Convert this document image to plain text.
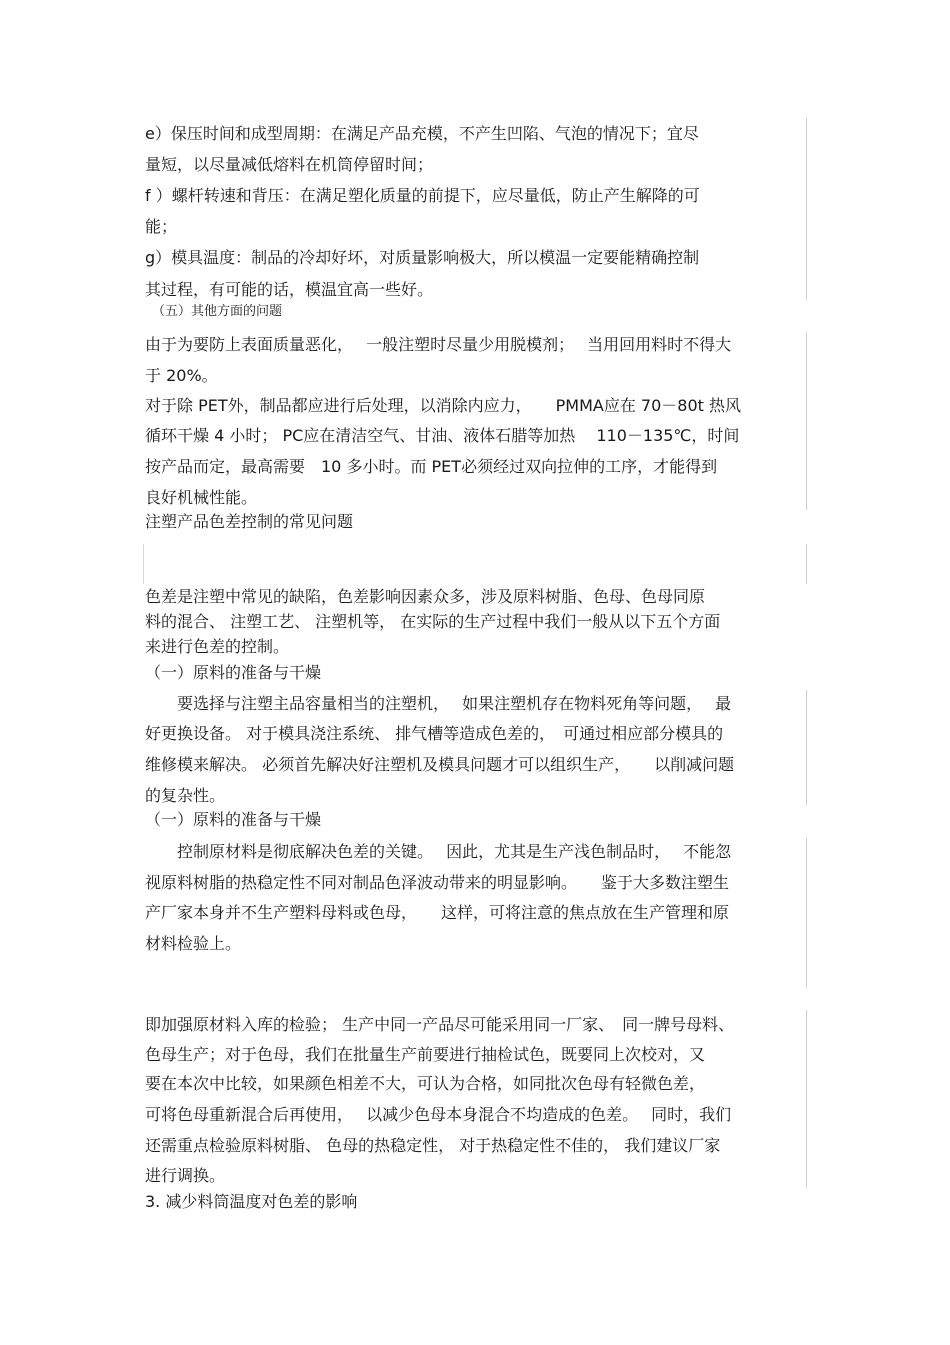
e）保压时间和成型周期：在满足产品充模，不产生凹陷、气泡的情况下；宜尽
量短，以尽量减低熔料在机筒停留时间；
f ）螺杆转速和背压：在满足塑化质量的前提下，应尽量低，防止产生解降的可
能；
g）模具温度：制品的冷却好坏，对质量影响极大，所以模温一定要能精确控制
其过程，有可能的话，模温宜高一些好。
（五）其他方面的问题
由于为要防上表面质量恶化，　 一般注塑时尽量少用脱模剂；　 当用回用料时不得大
于 20%。
对于除 PET外，制品都应进行后处理，以消除内应力，　　PMMA应在 70－80t 热风
循环干燥 4 小时； PC应在清洁空气、甘油、液体石腊等加热　 110－135℃，时间
按产品而定，最高需要　10 多小时。而 PET必须经过双向拉伸的工序，才能得到
良好机械性能。
注塑产品色差控制的常见问题
色差是注塑中常见的缺陷，色差影响因素众多，涉及原料树脂、色母、色母同原
料的混合、 注塑工艺、 注塑机等， 在实际的生产过程中我们一般从以下五个方面
来进行色差的控制。
（一）原料的准备与干燥
　　要选择与注塑主品容量相当的注塑机，　 如果注塑机存在物料死角等问题，　 最
好更换设备。 对于模具浇注系统、 排气槽等造成色差的，　可通过相应部分模具的
维修模来解决。 必须首先解决好注塑机及模具问题才可以组织生产，　　以削减问题
的复杂性。
（一）原料的准备与干燥
　　控制原材料是彻底解决色差的关键。　 因此，尤其是生产浅色制品时，　 不能忽
视原料树脂的热稳定性不同对制品色泽波动带来的明显影响。　　鉴于大多数注塑生
产厂家本身并不生产塑料母料或色母，　　这样，可将注意的焦点放在生产管理和原
材料检验上。
即加强原材料入库的检验； 生产中同一产品尽可能采用同一厂家、　同一牌号母料、
色母生产；对于色母，我们在批量生产前要进行抽检试色，既要同上次校对，又
要在本次中比较，如果颜色相差不大，可认为合格，如同批次色母有轻微色差，
可将色母重新混合后再使用，　 以减少色母本身混合不均造成的色差。　 同时，我们
还需重点检验原料树脂、 色母的热稳定性， 对于热稳定性不佳的， 我们建议厂家
进行调换。
3. 减少料筒温度对色差的影响
